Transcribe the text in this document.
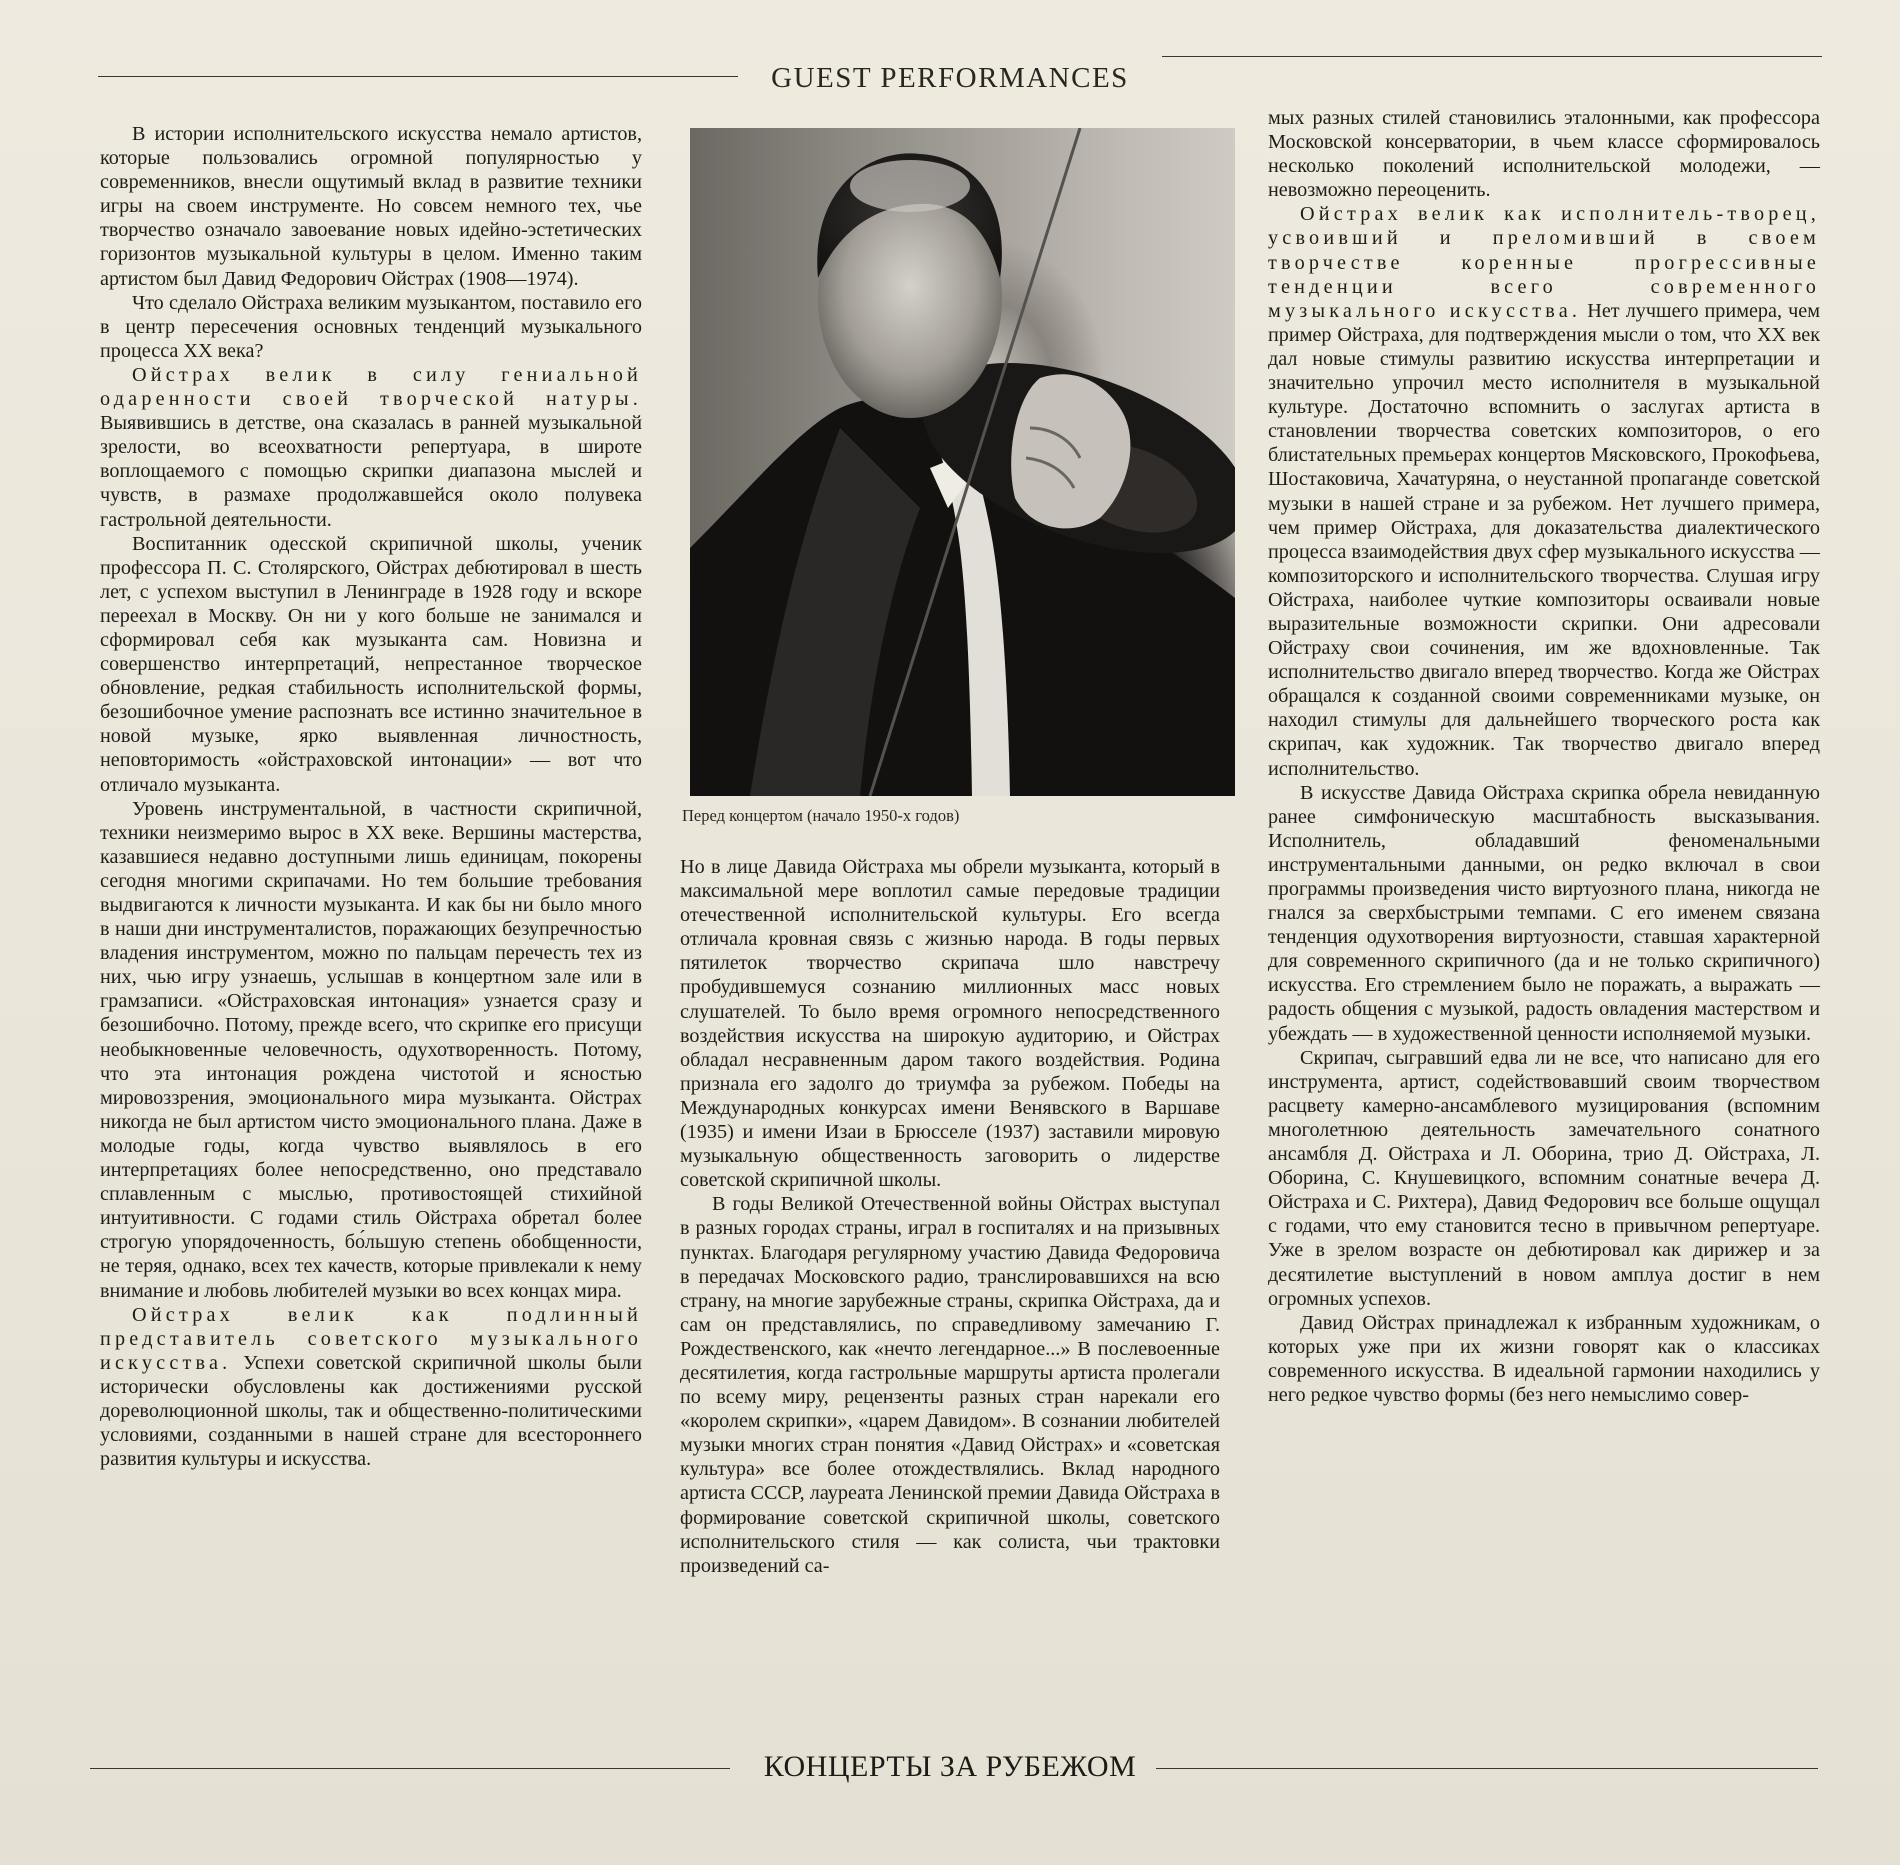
GUEST PERFORMANCES

В истории исполнительского искусства немало артистов, которые пользовались огромной популярностью у современников, внесли ощутимый вклад в развитие техники игры на своем инструменте. Но совсем немного тех, чье творчество означало завоевание новых идейно-эстетических горизонтов музыкальной культуры в целом. Именно таким артистом был Давид Федорович Ойстрах (1908—1974).

Что сделало Ойстраха великим музыкантом, поставило его в центр пересечения основных тенденций музыкального процесса XX века?

Ойстрах велик в силу гениальной одаренности своей творческой натуры. Выявившись в детстве, она сказалась в ранней музыкальной зрелости, во всеохватности репертуара, в широте воплощаемого с помощью скрипки диапазона мыслей и чувств, в размахе продолжавшейся около полувека гастрольной деятельности.

Воспитанник одесской скрипичной школы, ученик профессора П. С. Столярского, Ойстрах дебютировал в шесть лет, с успехом выступил в Ленинграде в 1928 году и вскоре переехал в Москву. Он ни у кого больше не занимался и сформировал себя как музыканта сам. Новизна и совершенство интерпретаций, непрестанное творческое обновление, редкая стабильность исполнительской формы, безошибочное умение распознать все истинно значительное в новой музыке, ярко выявленная личностность, неповторимость «ойстраховской интонации» — вот что отличало музыканта.

Уровень инструментальной, в частности скрипичной, техники неизмеримо вырос в XX веке. Вершины мастерства, казавшиеся недавно доступными лишь единицам, покорены сегодня многими скрипачами. Но тем большие требования выдвигаются к личности музыканта. И как бы ни было много в наши дни инструменталистов, поражающих безупречностью владения инструментом, можно по пальцам перечесть тех из них, чью игру узнаешь, услышав в концертном зале или в грамзаписи. «Ойстраховская интонация» узнается сразу и безошибочно. Потому, прежде всего, что скрипке его присущи необыкновенные человечность, одухотворенность. Потому, что эта интонация рождена чистотой и ясностью мировоззрения, эмоционального мира музыканта. Ойстрах никогда не был артистом чисто эмоционального плана. Даже в молодые годы, когда чувство выявлялось в его интерпретациях более непосредственно, оно представало сплавленным с мыслью, противостоящей стихийной интуитивности. С годами стиль Ойстраха обретал более строгую упорядоченность, бо́льшую степень обобщенности, не теряя, однако, всех тех качеств, которые привлекали к нему внимание и любовь любителей музыки во всех концах мира.

Ойстрах велик как подлинный представитель советского музыкального искусства. Успехи советской скрипичной школы были исторически обусловлены как достижениями русской дореволюционной школы, так и общественно-политическими условиями, созданными в нашей стране для всестороннего развития культуры и искусства.

Перед концертом (начало 1950-х годов)

Но в лице Давида Ойстраха мы обрели музыканта, который в максимальной мере воплотил самые передовые традиции отечественной исполнительской культуры. Его всегда отличала кровная связь с жизнью народа. В годы первых пятилеток творчество скрипача шло навстречу пробудившемуся сознанию миллионных масс новых слушателей. То было время огромного непосредственного воздействия искусства на широкую аудиторию, и Ойстрах обладал несравненным даром такого воздействия. Родина признала его задолго до триумфа за рубежом. Победы на Международных конкурсах имени Венявского в Варшаве (1935) и имени Изаи в Брюсселе (1937) заставили мировую музыкальную общественность заговорить о лидерстве советской скрипичной школы.

В годы Великой Отечественной войны Ойстрах выступал в разных городах страны, играл в госпиталях и на призывных пунктах. Благодаря регулярному участию Давида Федоровича в передачах Московского радио, транслировавшихся на всю страну, на многие зарубежные страны, скрипка Ойстраха, да и сам он представлялись, по справедливому замечанию Г. Рождественского, как «нечто легендарное...» В послевоенные десятилетия, когда гастрольные маршруты артиста пролегали по всему миру, рецензенты разных стран нарекали его «королем скрипки», «царем Давидом». В сознании любителей музыки многих стран понятия «Давид Ойстрах» и «советская культура» все более отождествлялись. Вклад народного артиста СССР, лауреата Ленинской премии Давида Ойстраха в формирование советской скрипичной школы, советского исполнительского стиля — как солиста, чьи трактовки произведений са-

мых разных стилей становились эталонными, как профессора Московской консерватории, в чьем классе сформировалось несколько поколений исполнительской молодежи, — невозможно переоценить.

Ойстрах велик как исполнитель-творец, усвоивший и преломивший в своем творчестве коренные прогрессивные тенденции всего современного музыкального искусства. Нет лучшего примера, чем пример Ойстраха, для подтверждения мысли о том, что XX век дал новые стимулы развитию искусства интерпретации и значительно упрочил место исполнителя в музыкальной культуре. Достаточно вспомнить о заслугах артиста в становлении творчества советских композиторов, о его блистательных премьерах концертов Мясковского, Прокофьева, Шостаковича, Хачатуряна, о неустанной пропаганде советской музыки в нашей стране и за рубежом. Нет лучшего примера, чем пример Ойстраха, для доказательства диалектического процесса взаимодействия двух сфер музыкального искусства — композиторского и исполнительского творчества. Слушая игру Ойстраха, наиболее чуткие композиторы осваивали новые выразительные возможности скрипки. Они адресовали Ойстраху свои сочинения, им же вдохновленные. Так исполнительство двигало вперед творчество. Когда же Ойстрах обращался к созданной своими современниками музыке, он находил стимулы для дальнейшего творческого роста как скрипач, как художник. Так творчество двигало вперед исполнительство.

В искусстве Давида Ойстраха скрипка обрела невиданную ранее симфоническую масштабность высказывания. Исполнитель, обладавший феноменальными инструментальными данными, он редко включал в свои программы произведения чисто виртуозного плана, никогда не гнался за сверхбыстрыми темпами. С его именем связана тенденция одухотворения виртуозности, ставшая характерной для современного скрипичного (да и не только скрипичного) искусства. Его стремлением было не поражать, а выражать — радость общения с музыкой, радость овладения мастерством и убеждать — в художественной ценности исполняемой музыки.

Скрипач, сыгравший едва ли не все, что написано для его инструмента, артист, содействовавший своим творчеством расцвету камерно-ансамблевого музицирования (вспомним многолетнюю деятельность замечательного сонатного ансамбля Д. Ойстраха и Л. Оборина, трио Д. Ойстраха, Л. Оборина, С. Кнушевицкого, вспомним сонатные вечера Д. Ойстраха и С. Рихтера), Давид Федорович все больше ощущал с годами, что ему становится тесно в привычном репертуаре. Уже в зрелом возрасте он дебютировал как дирижер и за десятилетие выступлений в новом амплуа достиг в нем огромных успехов.

Давид Ойстрах принадлежал к избранным художникам, о которых уже при их жизни говорят как о классиках современного искусства. В идеальной гармонии находились у него редкое чувство формы (без него немыслимо совер-

КОНЦЕРТЫ ЗА РУБЕЖОМ
